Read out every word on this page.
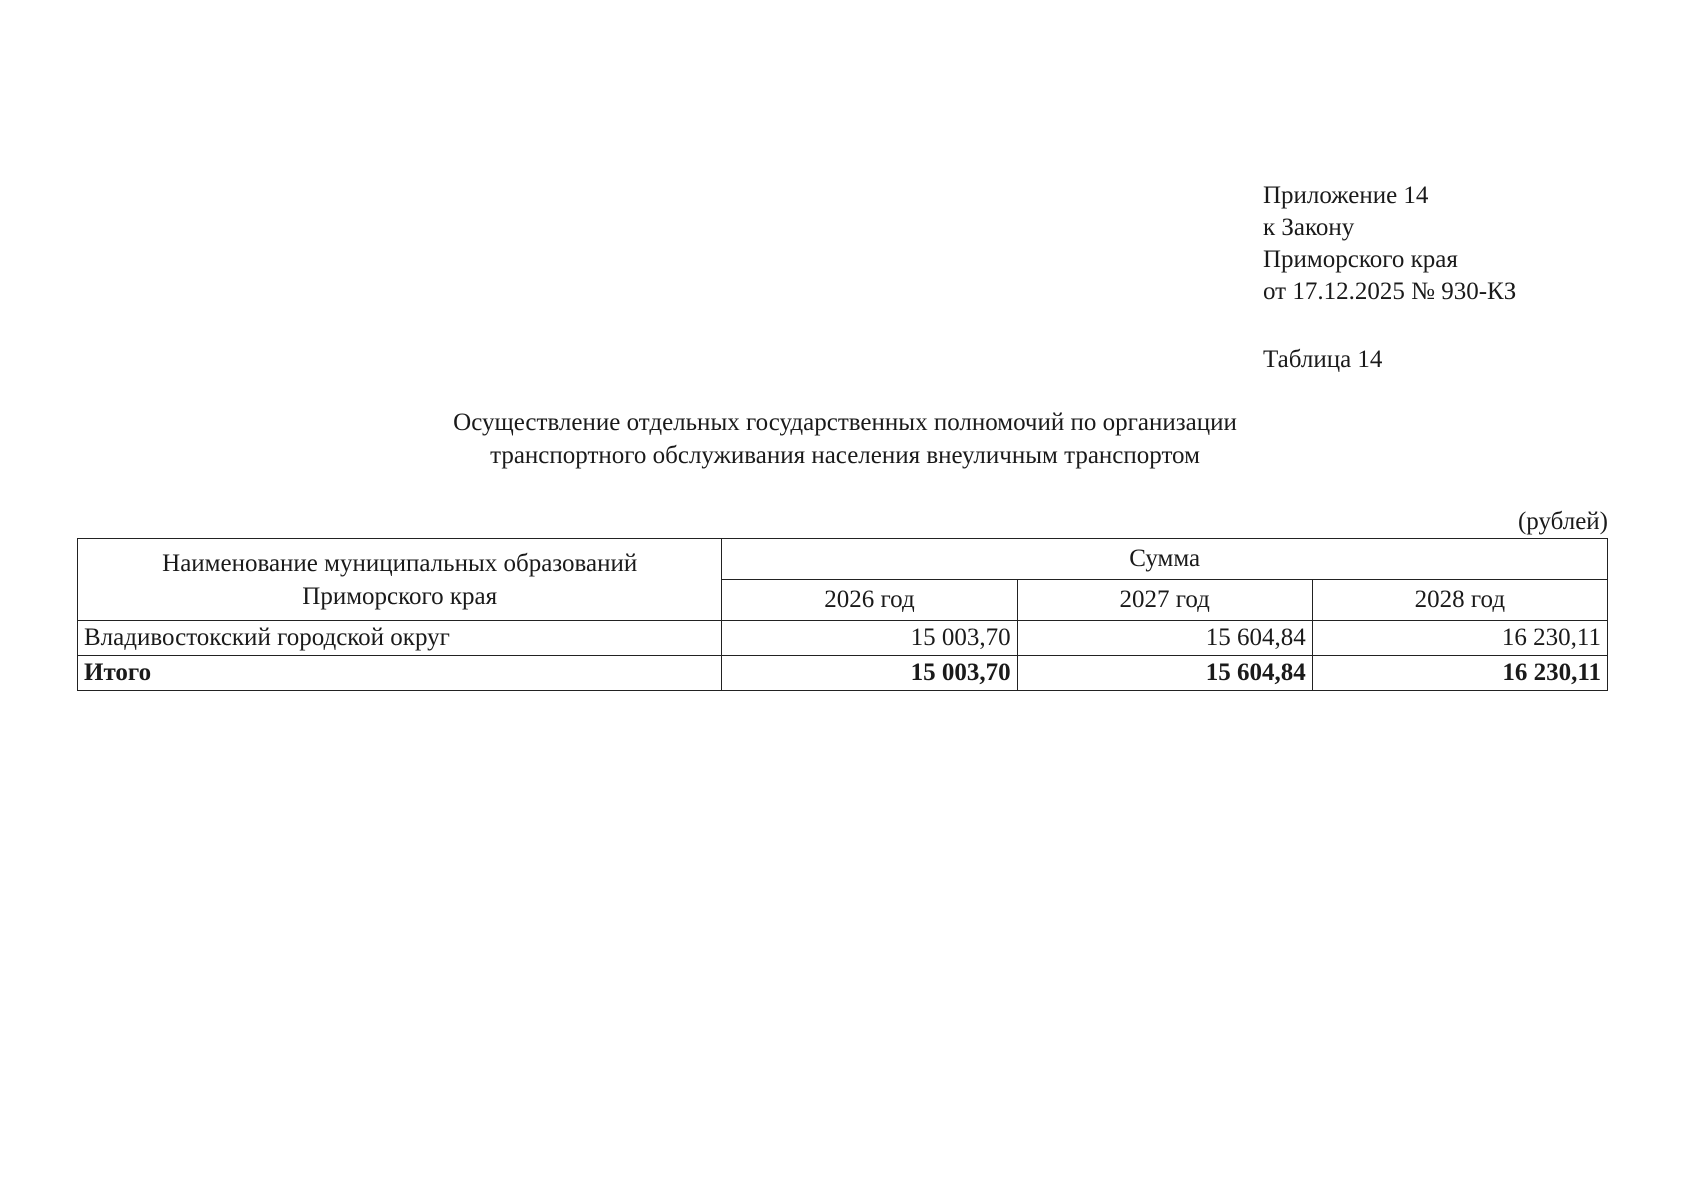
Приложение 14
к Закону
Приморского края
от 17.12.2025 № 930-КЗ
Таблица 14
Осуществление отдельных государственных полномочий по организации
транспортного обслуживания населения внеуличным транспортом
(рублей)
Наименование муниципальных образований
Приморского края	Сумма		
	2026 год	2027 год	2028 год
Владивостокский городской округ	15 003,70	15 604,84	16 230,11
Итого	15 003,70	15 604,84	16 230,11
